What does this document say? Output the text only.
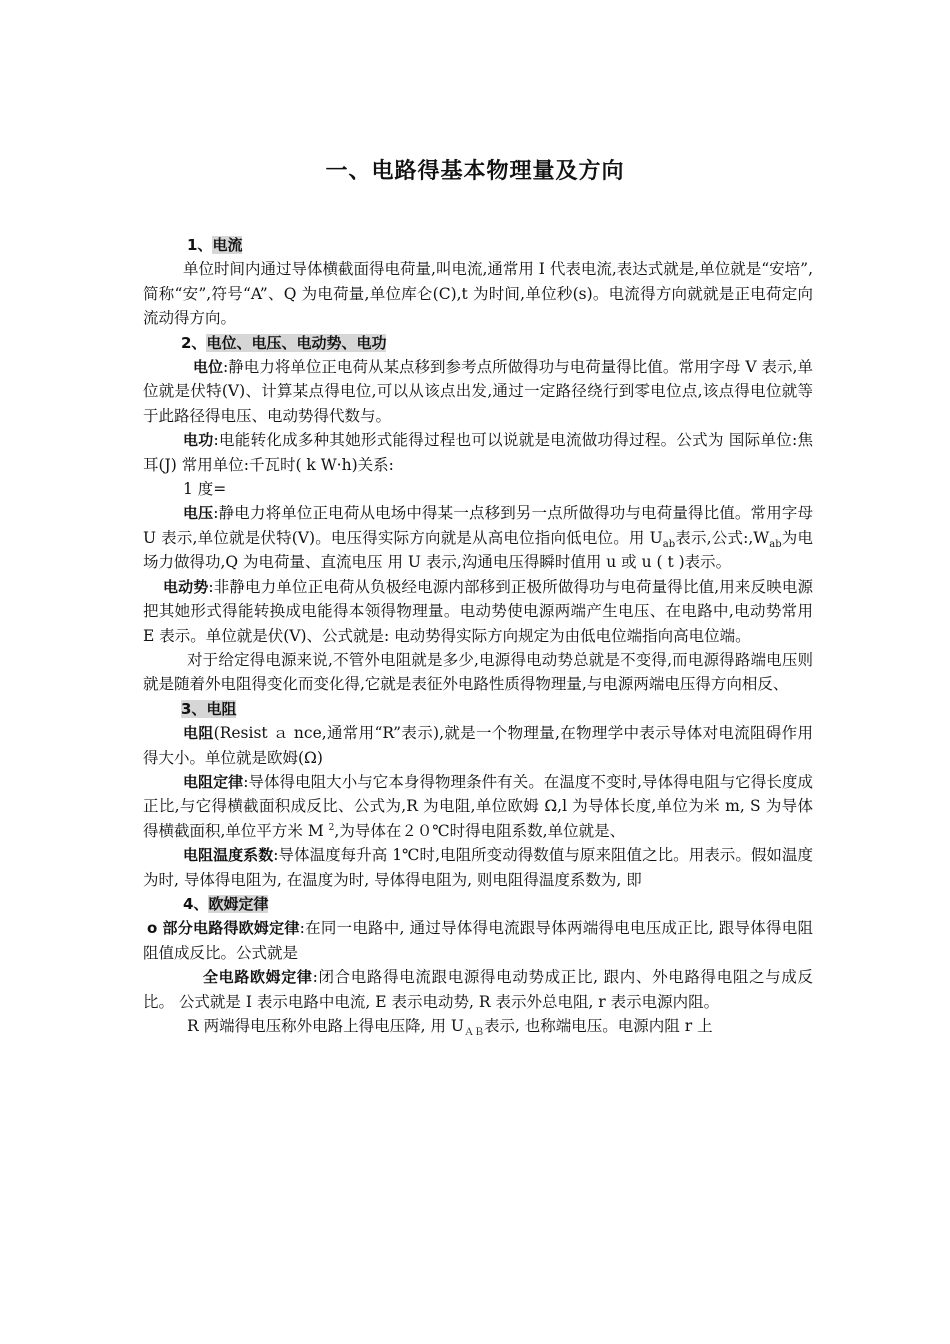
一、电路得基本物理量及方向

1、电流

单位时间内通过导体横截面得电荷量,叫电流,通常用 I 代表电流,表达式就是,单位就是“安培”,简称“安”,符号“A”、Q 为电荷量,单位库仑(C),t 为时间,单位秒(s)。电流得方向就就是正电荷定向流动得方向。

2、电位、电压、电动势、电功

电位:静电力将单位正电荷从某点移到参考点所做得功与电荷量得比值。常用字母 V 表示,单位就是伏特(V)、计算某点得电位,可以从该点出发,通过一定路径绕行到零电位点,该点得电位就等于此路径得电压、电动势得代数与。

电功:电能转化成多种其她形式能得过程也可以说就是电流做功得过程。公式为 国际单位:焦耳(J) 常用单位:千瓦时( k W·h)关系:

1 度=

电压:静电力将单位正电荷从电场中得某一点移到另一点所做得功与电荷量得比值。常用字母 U 表示,单位就是伏特(V)。电压得实际方向就是从高电位指向低电位。用 $U_{ab}$表示,公式$:,W_{ab}$为电场力做得功,Q 为电荷量、直流电压 用 U 表示,沟通电压得瞬时值用 u 或 u ( t )表示。

电动势:非静电力单位正电荷从负极经电源内部移到正极所做得功与电荷量得比值,用来反映电源把其她形式得能转换成电能得本领得物理量。电动势使电源两端产生电压、在电路中,电动势常用 E 表示。单位就是伏(V)、公式就是: 电动势得实际方向规定为由低电位端指向高电位端。

对于给定得电源来说,不管外电阻就是多少,电源得电动势总就是不变得,而电源得路端电压则就是随着外电阻得变化而变化得,它就是表征外电路性质得物理量,与电源两端电压得方向相反、

3、电阻

电阻(Resist ａ nce,通常用“R”表示),就是一个物理量,在物理学中表示导体对电流阻碍作用得大小。单位就是欧姆(Ω)

电阻定律:导体得电阻大小与它本身得物理条件有关。在温度不变时,导体得电阻与它得长度成正比,与它得横截面积成反比、公式为,R 为电阻,单位欧姆 Ω,l 为导体长度,单位为米 m, S 为导体得横截面积,单位平方米 M $^2$,为导体在２０℃时得电阻系数,单位就是、

电阻温度系数:导体温度每升高 1℃时,电阻所变动得数值与原来阻值之比。用表示。假如温度为时, 导体得电阻为, 在温度为时, 导体得电阻为, 则电阻得温度系数为, 即

4、欧姆定律

o 部分电路得欧姆定律:在同一电路中, 通过导体得电流跟导体两端得电电压成正比, 跟导体得电阻阻值成反比。公式就是

全电路欧姆定律:闭合电路得电流跟电源得电动势成正比, 跟内、外电路得电阻之与成反比。 公式就是 I 表示电路中电流, E 表示电动势, R 表示外总电阻, r 表示电源内阻。

R 两端得电压称外电路上得电压降, 用 $U_{AB}$表示, 也称端电压。电源内阻 r 上
